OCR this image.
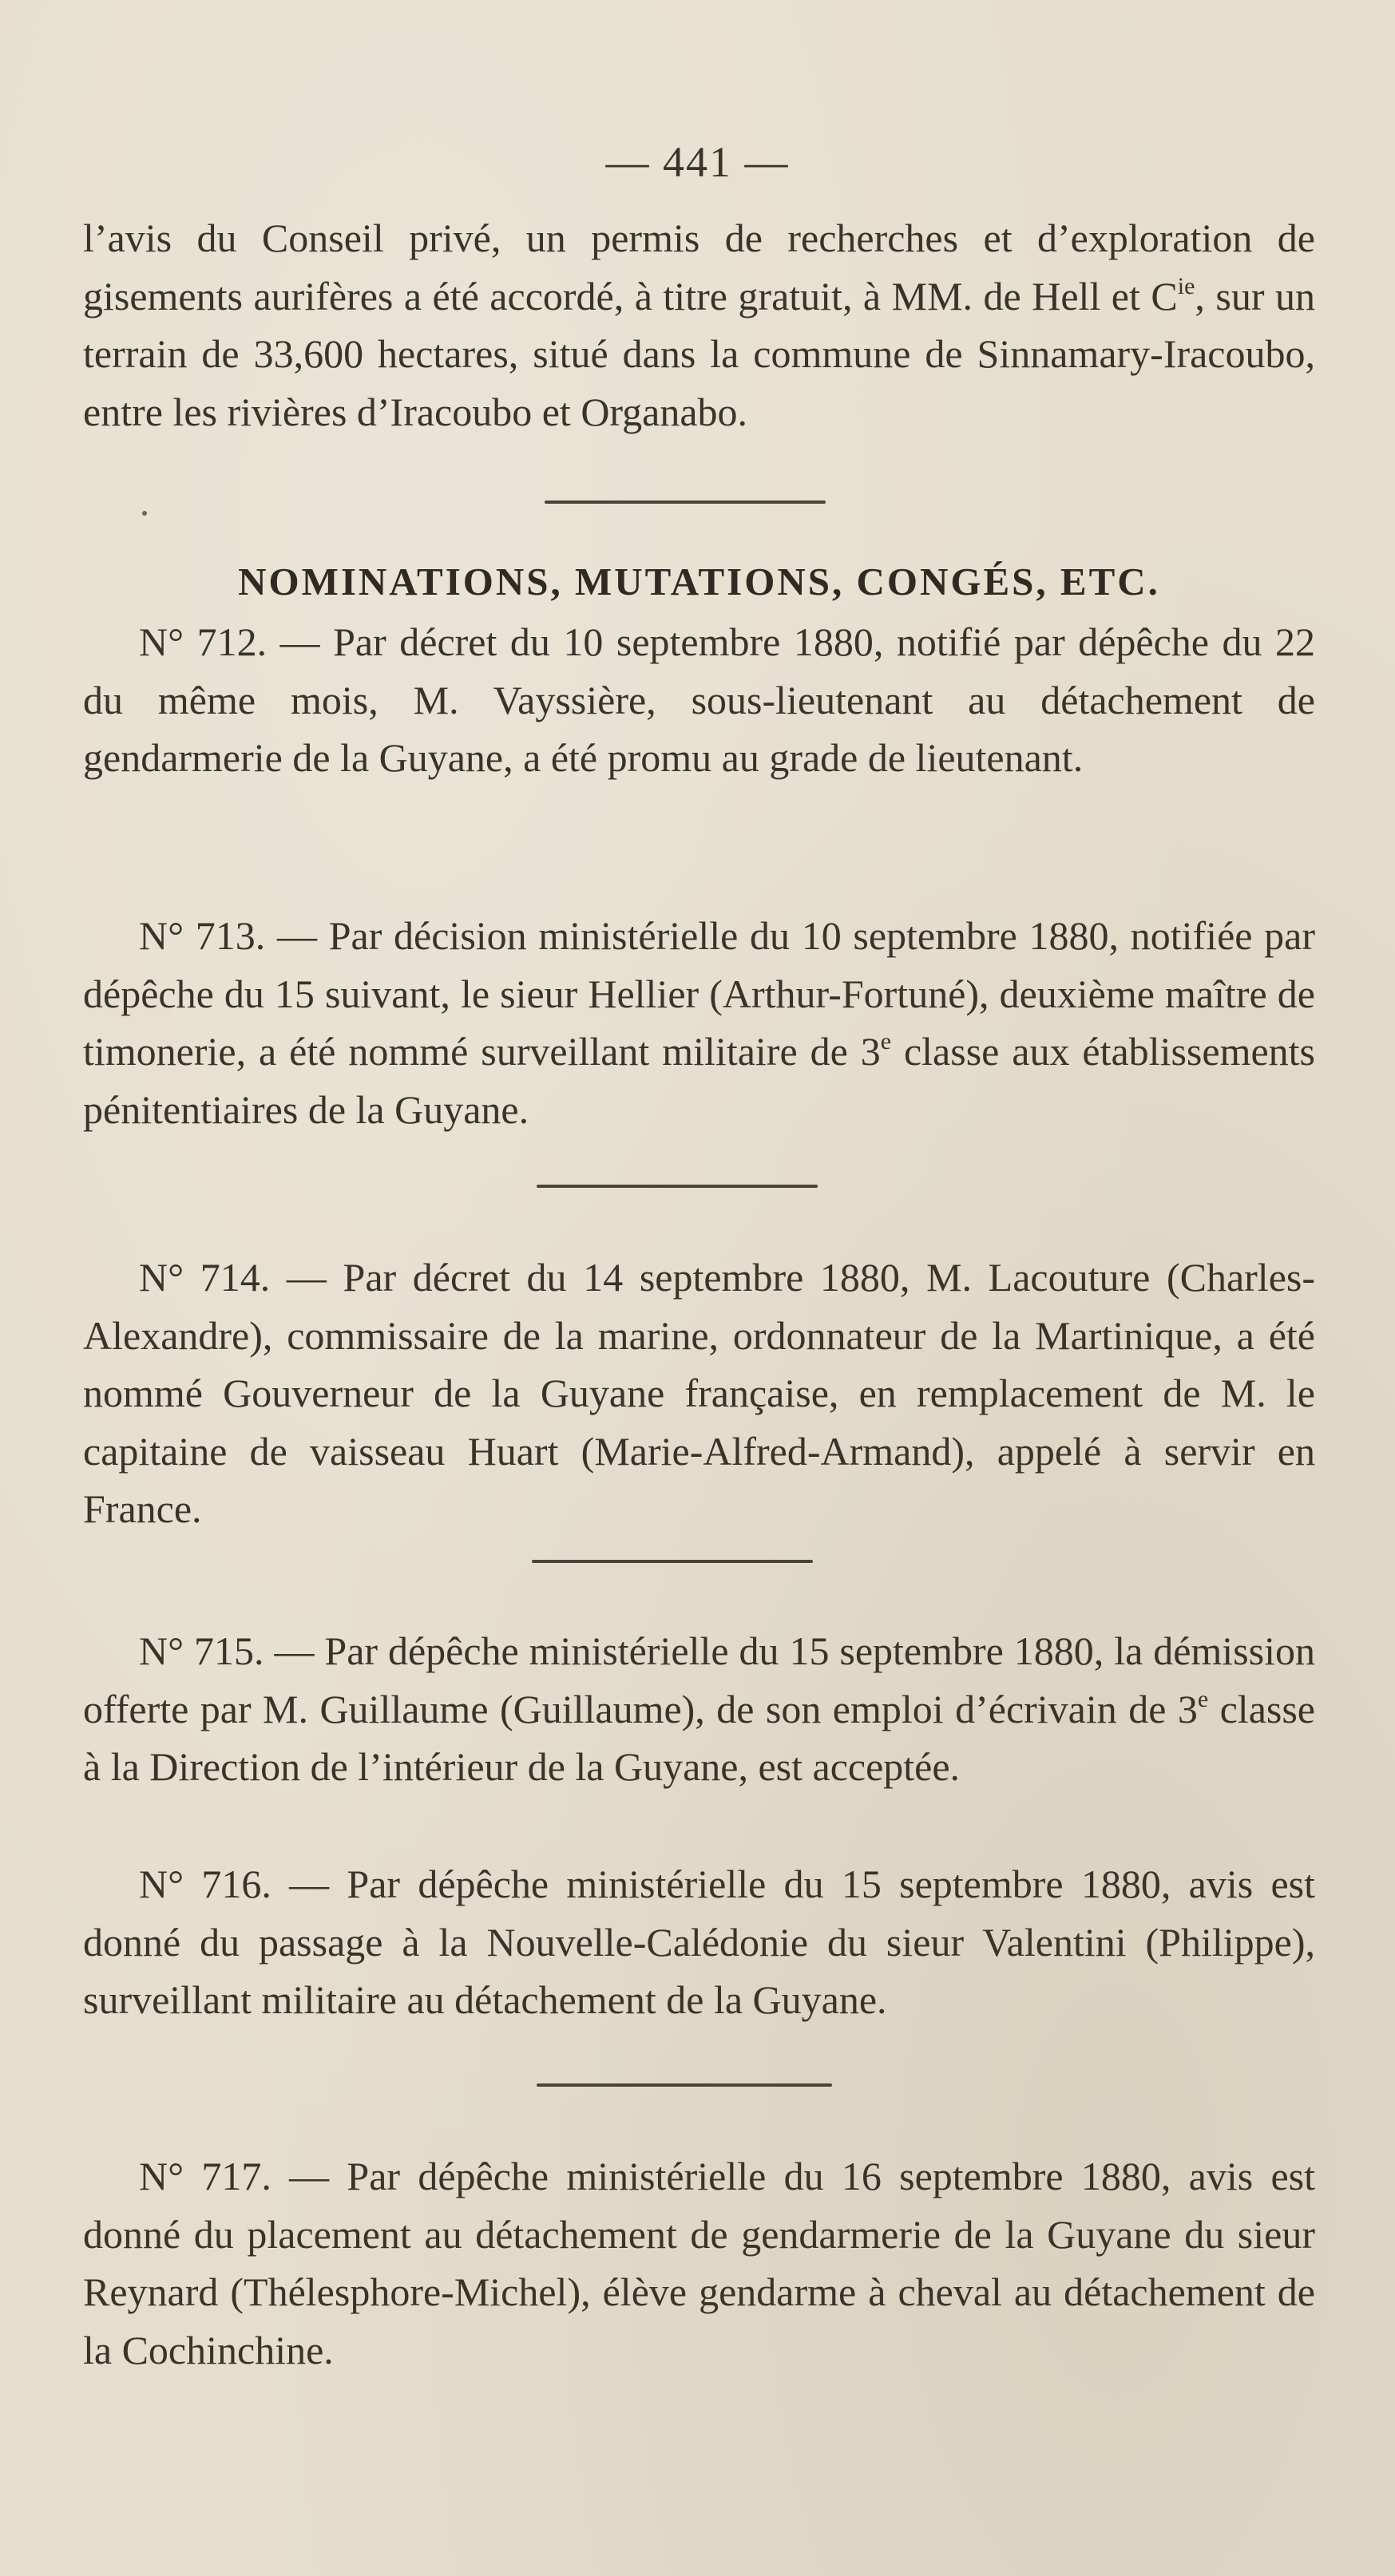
— 441 —

l’avis du Conseil privé, un permis de recherches et d’exploration de gisements aurifères a été accordé, à titre gratuit, à MM. de Hell et $C^{ie}$, sur un terrain de 33,600 hectares, situé dans la commune de Sinnamary-Iracoubo, entre les rivières d’Iracoubo et Organabo.

NOMINATIONS, MUTATIONS, CONGÉS, ETC.

N° 712. — Par décret du 10 septembre 1880, notifié par dépêche du 22 du même mois, M. Vayssière, sous-lieutenant au détachement de gendarmerie de la Guyane, a été promu au grade de lieutenant.

N° 713. — Par décision ministérielle du 10 septembre 1880, notifiée par dépêche du 15 suivant, le sieur Hellier (Arthur-Fortuné), deuxième maître de timonerie, a été nommé surveillant militaire de 3e classe aux établissements pénitentiaires de la Guyane.

N° 714. — Par décret du 14 septembre 1880, M. Lacouture (Charles-Alexandre), commissaire de la marine, ordonnateur de la Martinique, a été nommé Gouverneur de la Guyane française, en remplacement de M. le capitaine de vaisseau Huart (Marie-Alfred-Armand), appelé à servir en France.

N° 715. — Par dépêche ministérielle du 15 septembre 1880, la démission offerte par M. Guillaume (Guillaume), de son emploi d’écrivain de 3e classe à la Direction de l’intérieur de la Guyane, est acceptée.

N° 716. — Par dépêche ministérielle du 15 septembre 1880, avis est donné du passage à la Nouvelle-Calédonie du sieur Valentini (Philippe), surveillant militaire au détachement de la Guyane.

N° 717. — Par dépêche ministérielle du 16 septembre 1880, avis est donné du placement au détachement de gendarmerie de la Guyane du sieur Reynard (Thélesphore-Michel), élève gendarme à cheval au détachement de la Cochinchine.
